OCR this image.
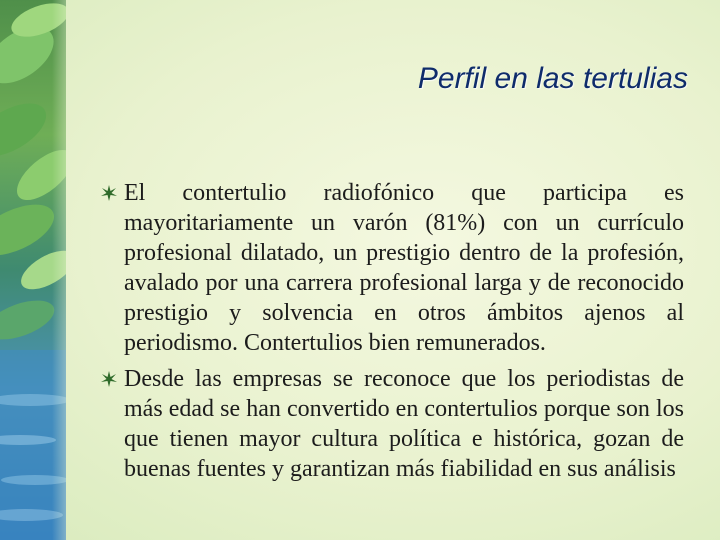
Perfil en las tertulias
El contertulio radiofónico que participa es mayoritariamente un varón (81%) con un currículo profesional dilatado, un prestigio dentro de la profesión, avalado por una carrera profesional larga y de reconocido prestigio y solvencia en otros ámbitos ajenos al periodismo. Contertulios bien remunerados.
Desde las empresas se reconoce que los periodistas de más edad se han convertido en contertulios porque son los que tienen mayor cultura política e histórica, gozan de buenas fuentes y garantizan más fiabilidad en sus análisis
